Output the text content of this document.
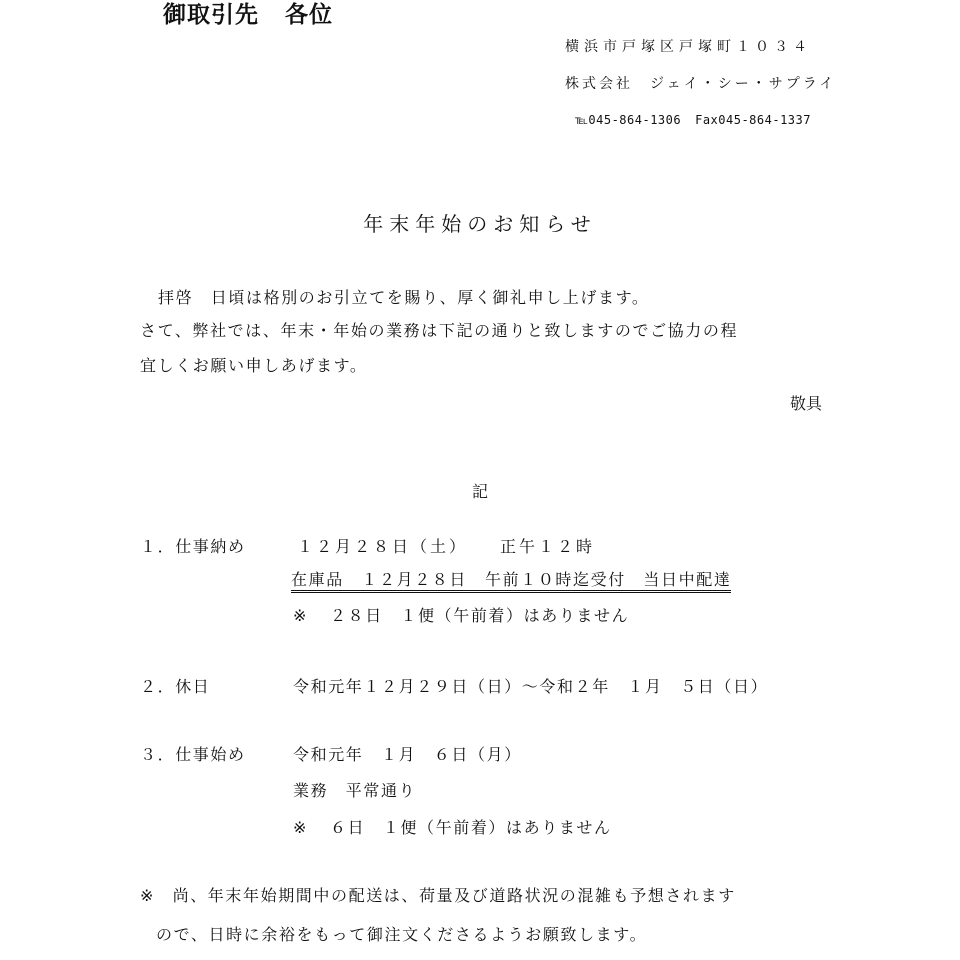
御取引先 各位
横浜市戸塚区戸塚町１０３４
株式会社　ジェイ・シー・サプライ
℡045-864-1306 Fax045-864-1337
年末年始のお知らせ
拝啓　日頃は格別のお引立てを賜り、厚く御礼申し上げます。
さて、弊社では、年末・年始の業務は下記の通りと致しますのでご協力の程
宜しくお願い申しあげます。
敬具
記
１．仕事納め	１２月２８日（土） 正午１２時
在庫品　１２月２８日 午前１０時迄受付　当日中配達
※ ２８日　１便（午前着）はありません
２．休日	令和元年１２月２９日（日）～令和２年　１月　５日（日）
３．仕事始め	令和元年　１月　６日（月）
業務　平常通り
※ ６日　１便（午前着）はありません
※　尚、年末年始期間中の配送は、荷量及び道路状況の混雑も予想されます
ので、日時に余裕をもって御注文くださるようお願致します。
